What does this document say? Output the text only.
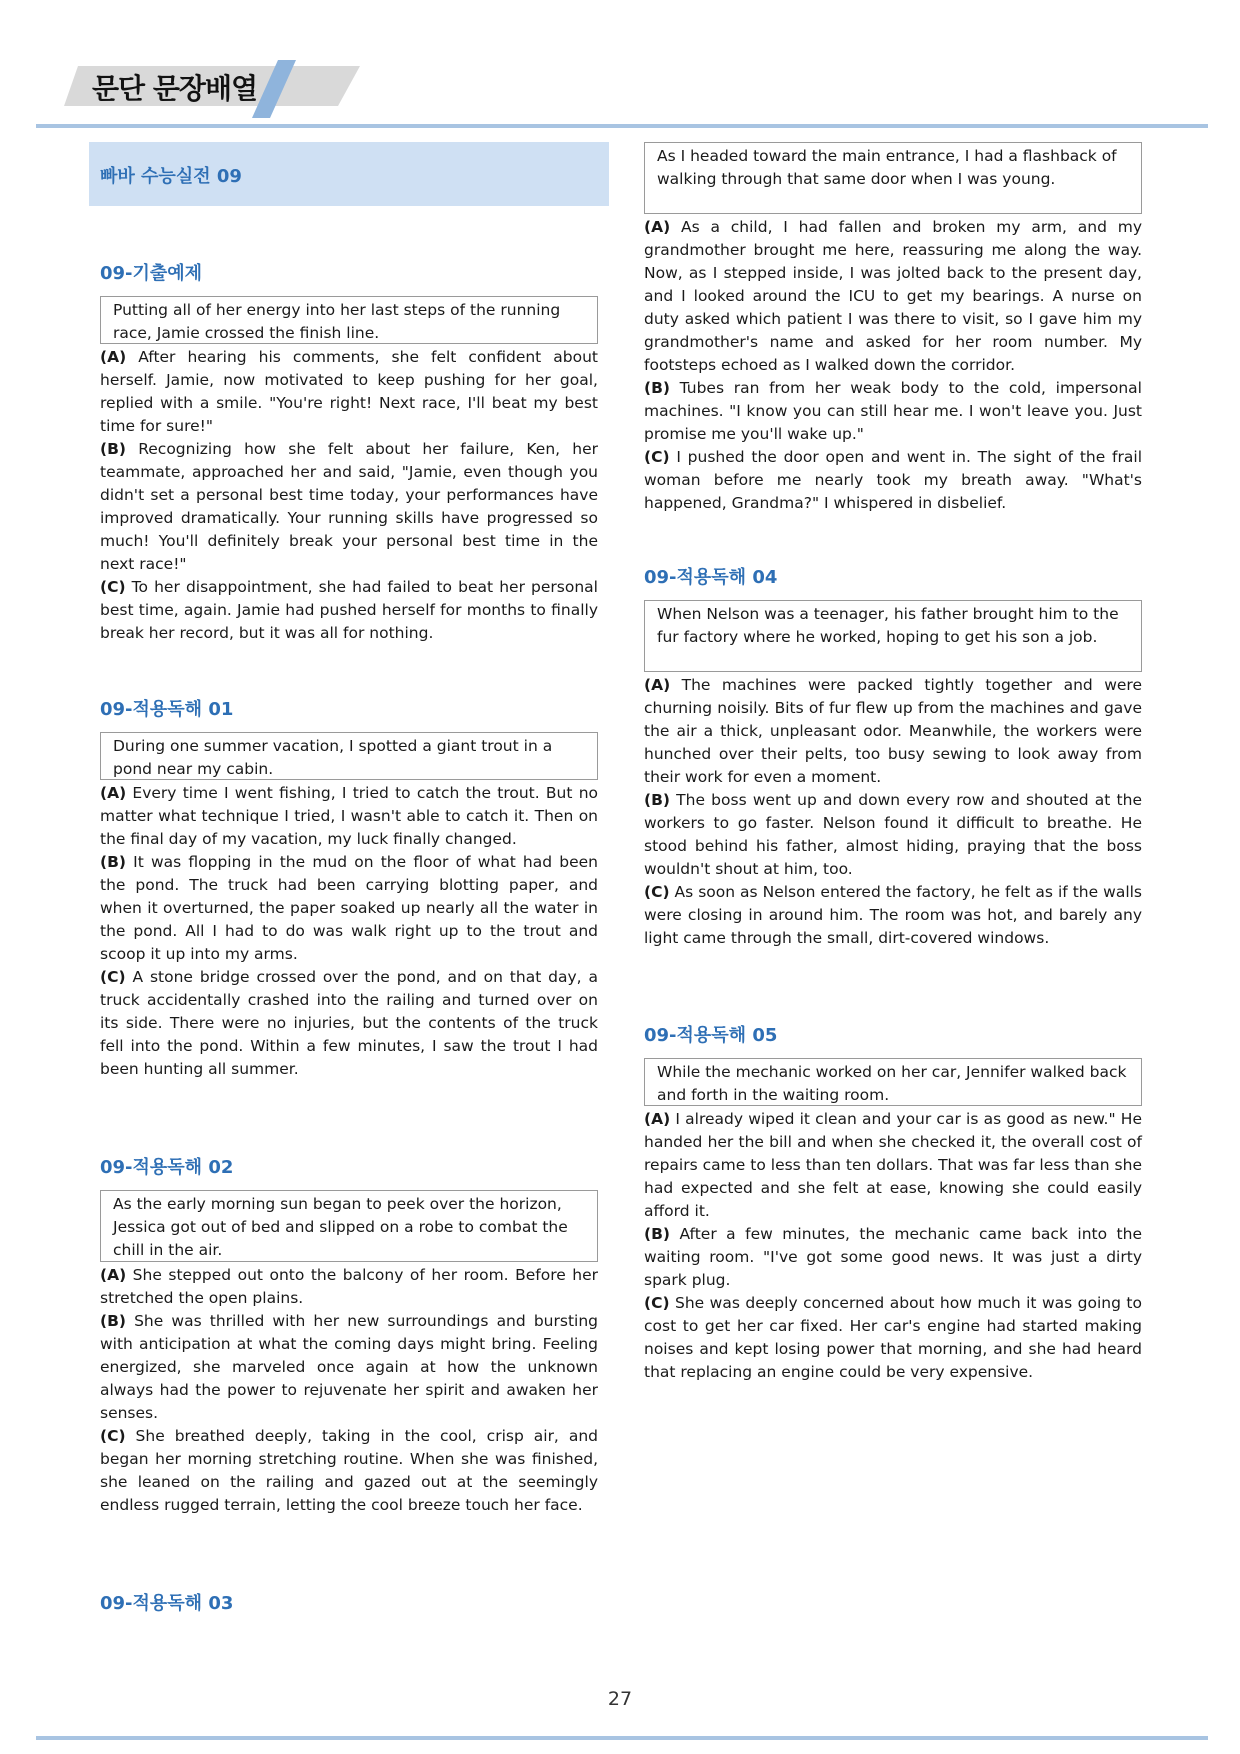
문단 문장배열
빠바 수능실전 09
09-기출예제
Putting all of her energy into her last steps of the running race, Jamie crossed the finish line.
(A) After hearing his comments, she felt confident about herself. Jamie, now motivated to keep pushing for her goal, replied with a smile. "You're right! Next race, I'll beat my best time for sure!"
(B) Recognizing how she felt about her failure, Ken, her teammate, approached her and said, "Jamie, even though you didn't set a personal best time today, your performances have improved dramatically. Your running skills have progressed so much! You'll definitely break your personal best time in the next race!"
(C) To her disappointment, she had failed to beat her personal best time, again. Jamie had pushed herself for months to finally break her record, but it was all for nothing.
09-적용독해 01
During one summer vacation, I spotted a giant trout in a pond near my cabin.
(A) Every time I went fishing, I tried to catch the trout. But no matter what technique I tried, I wasn't able to catch it. Then on the final day of my vacation, my luck finally changed.
(B) It was flopping in the mud on the floor of what had been the pond. The truck had been carrying blotting paper, and when it overturned, the paper soaked up nearly all the water in the pond. All I had to do was walk right up to the trout and scoop it up into my arms.
(C) A stone bridge crossed over the pond, and on that day, a truck accidentally crashed into the railing and turned over on its side. There were no injuries, but the contents of the truck fell into the pond. Within a few minutes, I saw the trout I had been hunting all summer.
09-적용독해 02
As the early morning sun began to peek over the horizon, Jessica got out of bed and slipped on a robe to combat the chill in the air.
(A) She stepped out onto the balcony of her room. Before her stretched the open plains.
(B) She was thrilled with her new surroundings and bursting with anticipation at what the coming days might bring. Feeling energized, she marveled once again at how the unknown always had the power to rejuvenate her spirit and awaken her senses.
(C) She breathed deeply, taking in the cool, crisp air, and began her morning stretching routine. When she was finished, she leaned on the railing and gazed out at the seemingly endless rugged terrain, letting the cool breeze touch her face.
09-적용독해 03
As I headed toward the main entrance, I had a flashback of walking through that same door when I was young.
(A) As a child, I had fallen and broken my arm, and my grandmother brought me here, reassuring me along the way. Now, as I stepped inside, I was jolted back to the present day, and I looked around the ICU to get my bearings. A nurse on duty asked which patient I was there to visit, so I gave him my grandmother's name and asked for her room number. My footsteps echoed as I walked down the corridor.
(B) Tubes ran from her weak body to the cold, impersonal machines. "I know you can still hear me. I won't leave you. Just promise me you'll wake up."
(C) I pushed the door open and went in. The sight of the frail woman before me nearly took my breath away. "What's happened, Grandma?" I whispered in disbelief.
09-적용독해 04
When Nelson was a teenager, his father brought him to the fur factory where he worked, hoping to get his son a job.
(A) The machines were packed tightly together and were churning noisily. Bits of fur flew up from the machines and gave the air a thick, unpleasant odor. Meanwhile, the workers were hunched over their pelts, too busy sewing to look away from their work for even a moment.
(B) The boss went up and down every row and shouted at the workers to go faster. Nelson found it difficult to breathe. He stood behind his father, almost hiding, praying that the boss wouldn't shout at him, too.
(C) As soon as Nelson entered the factory, he felt as if the walls were closing in around him. The room was hot, and barely any light came through the small, dirt-covered windows.
09-적용독해 05
While the mechanic worked on her car, Jennifer walked back and forth in the waiting room.
(A) I already wiped it clean and your car is as good as new." He handed her the bill and when she checked it, the overall cost of repairs came to less than ten dollars. That was far less than she had expected and she felt at ease, knowing she could easily afford it.
(B) After a few minutes, the mechanic came back into the waiting room. "I've got some good news. It was just a dirty spark plug.
(C) She was deeply concerned about how much it was going to cost to get her car fixed. Her car's engine had started making noises and kept losing power that morning, and she had heard that replacing an engine could be very expensive.
27
